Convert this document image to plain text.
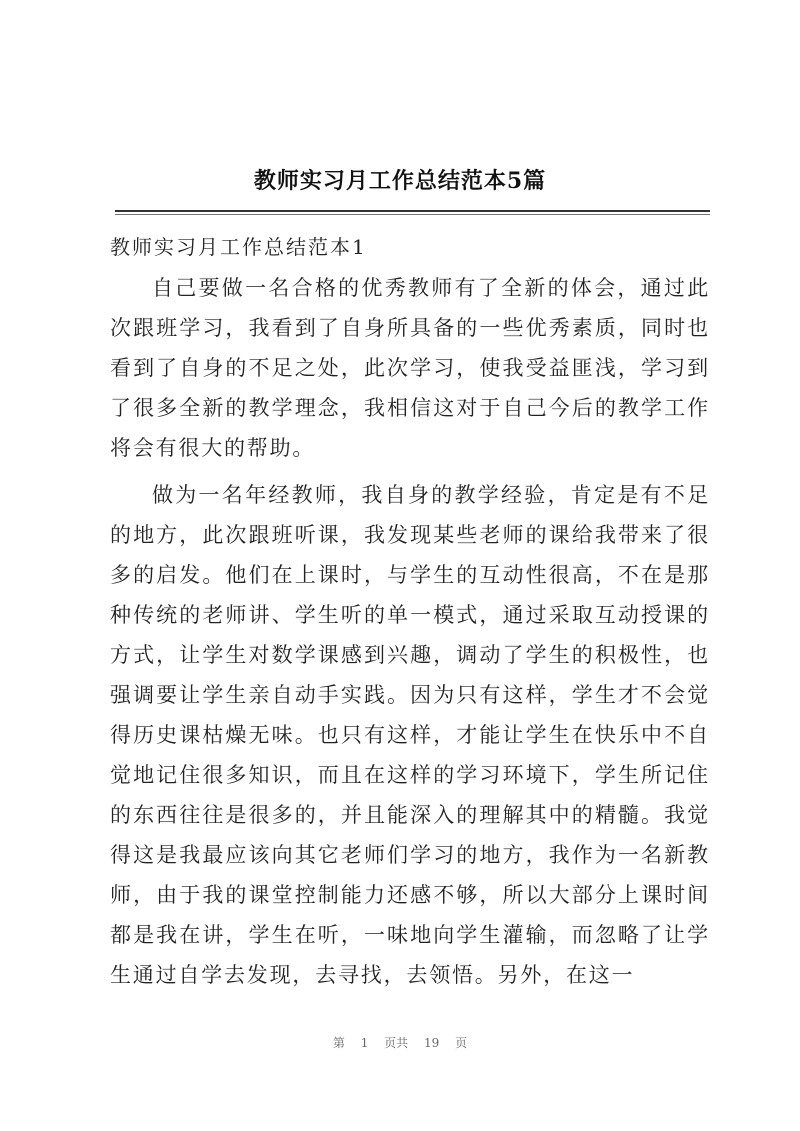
教师实习月工作总结范本5篇
教师实习月工作总结范本1

自己要做一名合格的优秀教师有了全新的体会，通过此次跟班学习，我看到了自身所具备的一些优秀素质，同时也看到了自身的不足之处，此次学习，使我受益匪浅，学习到了很多全新的教学理念，我相信这对于自己今后的教学工作将会有很大的帮助。

做为一名年经教师，我自身的教学经验，肯定是有不足的地方，此次跟班听课，我发现某些老师的课给我带来了很多的启发。他们在上课时，与学生的互动性很高，不在是那种传统的老师讲、学生听的单一模式，通过采取互动授课的方式，让学生对数学课感到兴趣，调动了学生的积极性，也强调要让学生亲自动手实践。因为只有这样，学生才不会觉得历史课枯燥无味。也只有这样，才能让学生在快乐中不自觉地记住很多知识，而且在这样的学习环境下，学生所记住的东西往往是很多的，并且能深入的理解其中的精髓。我觉得这是我最应该向其它老师们学习的地方，我作为一名新教师，由于我的课堂控制能力还感不够，所以大部分上课时间都是我在讲，学生在听，一味地向学生灌输，而忽略了让学生通过自学去发现，去寻找，去领悟。另外，在这一

第 1 页共 19 页
